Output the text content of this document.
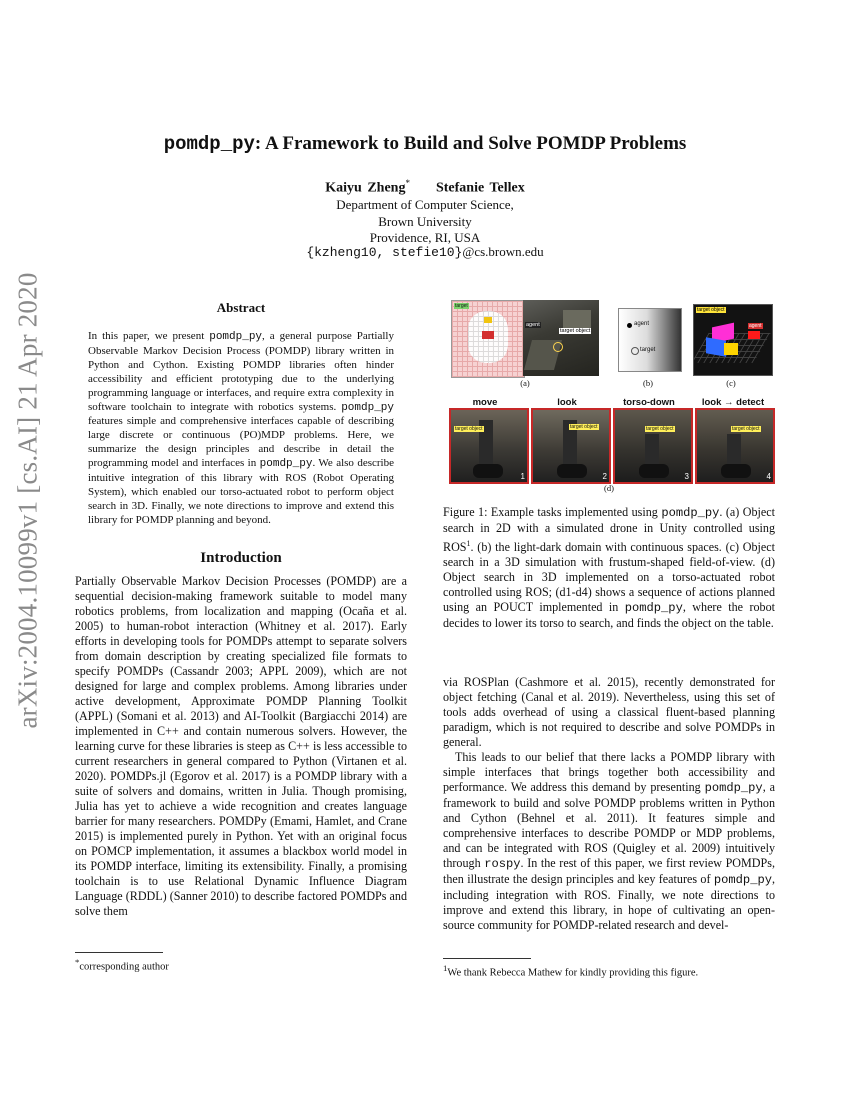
arXiv:2004.10099v1 [cs.AI] 21 Apr 2020
pomdp_py: A Framework to Build and Solve POMDP Problems
Kaiyu Zheng* Stefanie Tellex
Department of Computer Science,
Brown University
Providence, RI, USA
{kzheng10, stefie10}@cs.brown.edu
Abstract
In this paper, we present pomdp_py, a general purpose Partially Observable Markov Decision Process (POMDP) library written in Python and Cython. Existing POMDP libraries often hinder accessibility and efficient prototyping due to the underlying programming language or interfaces, and require extra complexity in software toolchain to integrate with robotics systems. pomdp_py features simple and comprehensive interfaces capable of describing large discrete or continuous (PO)MDP problems. Here, we summarize the design principles and describe in detail the programming model and interfaces in pomdp_py. We also describe intuitive integration of this library with ROS (Robot Operating System), which enabled our torso-actuated robot to perform object search in 3D. Finally, we note directions to improve and extend this library for POMDP planning and beyond.
Introduction

Partially Observable Markov Decision Processes (POMDP) are a sequential decision-making framework suitable to model many robotics problems, from localization and mapping (Ocaña et al. 2005) to human-robot interaction (Whitney et al. 2017). Early efforts in developing tools for POMDPs attempt to separate solvers from domain description by creating specialized file formats to specify POMDPs (Cassandr 2003; APPL 2009), which are not designed for large and complex problems. Among libraries under active development, Approximate POMDP Planning Toolkit (APPL) (Somani et al. 2013) and AI-Toolkit (Bargiacchi 2014) are implemented in C++ and contain numerous solvers. However, the learning curve for these libraries is steep as C++ is less accessible to current researchers in general compared to Python (Virtanen et al. 2020). POMDPs.jl (Egorov et al. 2017) is a POMDP library with a suite of solvers and domains, written in Julia. Though promising, Julia has yet to achieve a wide recognition and creates language barrier for many researchers. POMDPy (Emami, Hamlet, and Crane 2015) is implemented purely in Python. Yet with an original focus on POMCP implementation, it assumes a blackbox world model in its POMDP interface, limiting its extensibility. Finally, a promising toolchain is to use Relational Dynamic Influence Diagram Language (RDDL) (Sanner 2010) to describe factored POMDPs and solve them

*corresponding author
target
agent
target object
agent
target
target object
agent
(a)	(b)	(c)
move	look	torso-down	look → detect
target object
1
target object
2
target object
3
target object
4
(d)
Figure 1: Example tasks implemented using pomdp_py. (a) Object search in 2D with a simulated drone in Unity controlled using ROS$^1$. (b) the light-dark domain with continuous spaces. (c) Object search in a 3D simulation with frustum-shaped field-of-view. (d) Object search in 3D implemented on a torso-actuated robot controlled using ROS; (d1-d4) shows a sequence of actions planned using an POUCT implemented in pomdp_py, where the robot decides to lower its torso to search, and finds the object on the table.

via ROSPlan (Cashmore et al. 2015), recently demonstrated for object fetching (Canal et al. 2019). Nevertheless, using this set of tools adds overhead of using a classical fluent-based planning paradigm, which is not required to describe and solve POMDPs in general.

This leads to our belief that there lacks a POMDP library with simple interfaces that brings together both accessibility and performance. We address this demand by presenting pomdp_py, a framework to build and solve POMDP problems written in Python and Cython (Behnel et al. 2011). It features simple and comprehensive interfaces to describe POMDP or MDP problems, and can be integrated with ROS (Quigley et al. 2009) intuitively through rospy. In the rest of this paper, we first review POMDPs, then illustrate the design principles and key features of pomdp_py, including integration with ROS. Finally, we note directions to improve and extend this library, in hope of cultivating an open-source community for POMDP-related research and devel-

$^1$We thank Rebecca Mathew for kindly providing this figure.
